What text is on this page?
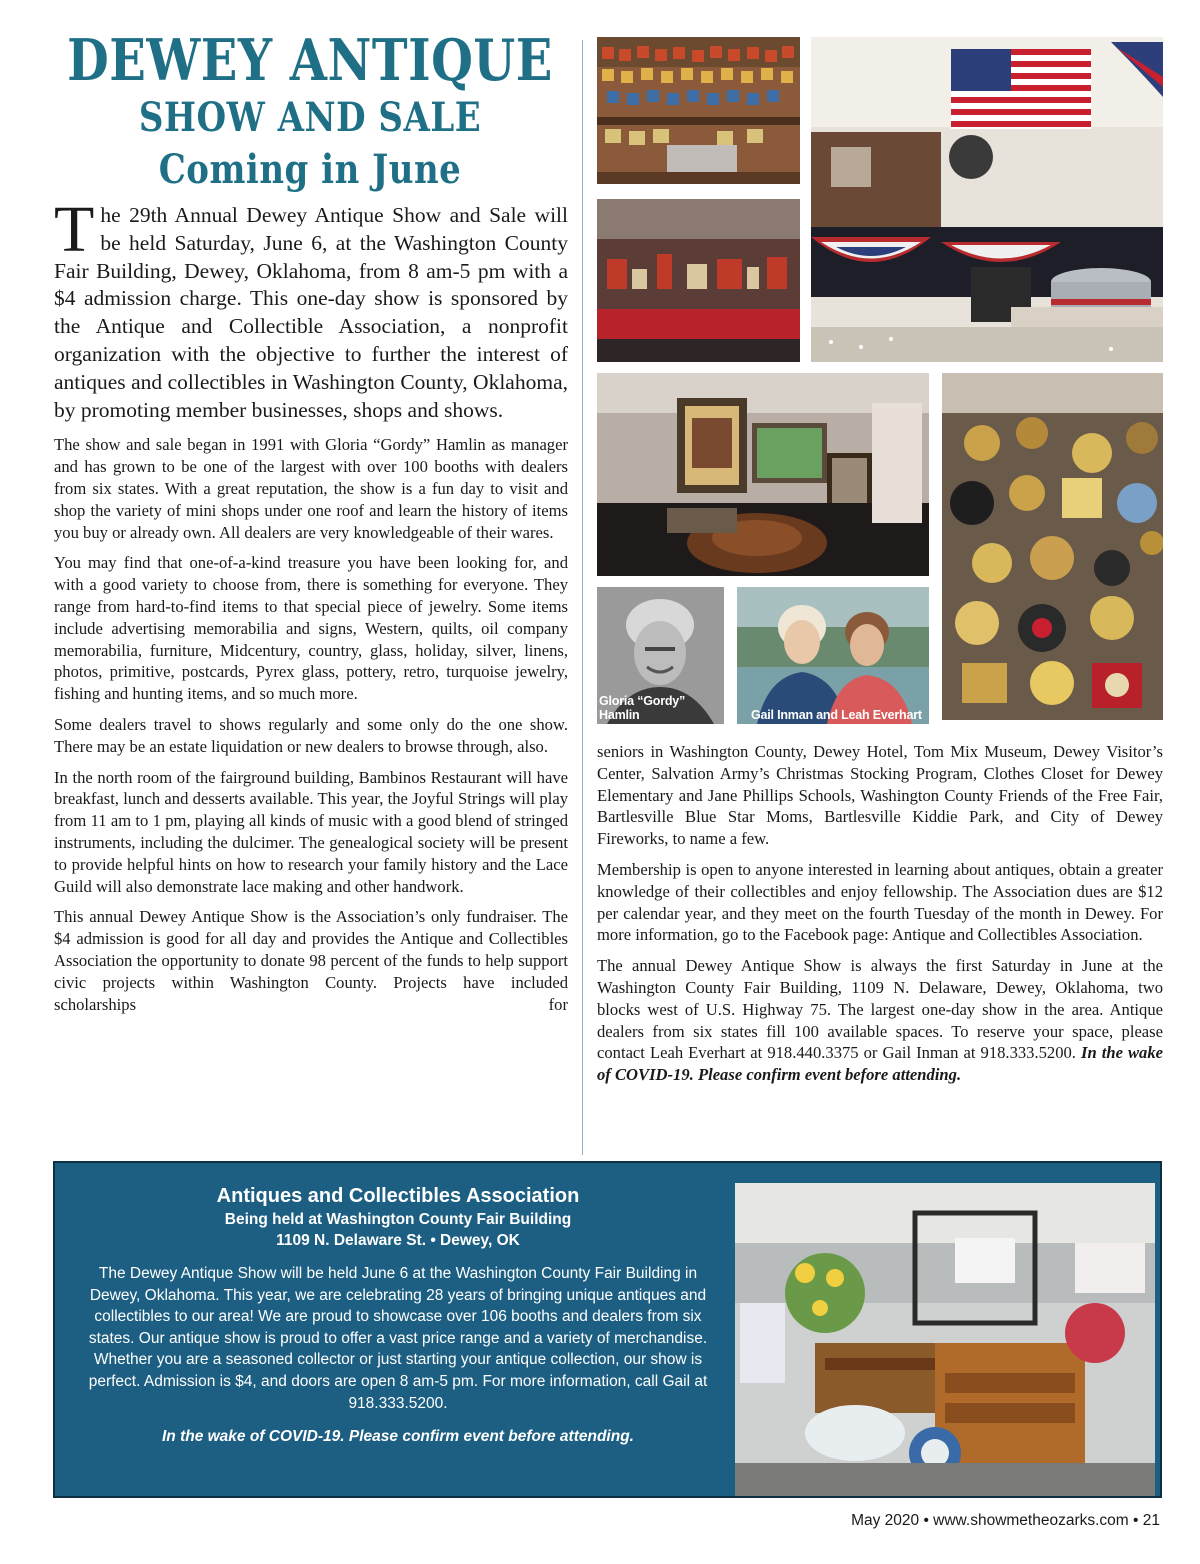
DEWEY ANTIQUE
SHOW AND SALE
Coming in June

The 29th Annual Dewey Antique Show and Sale will be held Saturday, June 6, at the Washington County Fair Building, Dewey, Oklahoma, from 8 am-5 pm with a $4 admission charge. This one-day show is sponsored by the Antique and Collectible Association, a nonprofit organization with the objective to further the interest of antiques and collectibles in Washington County, Oklahoma, by promoting member businesses, shops and shows.

The show and sale began in 1991 with Gloria “Gordy” Hamlin as manager and has grown to be one of the largest with over 100 booths with dealers from six states. With a great reputation, the show is a fun day to visit and shop the variety of mini shops under one roof and learn the history of items you buy or already own. All dealers are very knowledgeable of their wares.

You may find that one-of-a-kind treasure you have been looking for, and with a good variety to choose from, there is something for everyone. They range from hard-to-find items to that special piece of jewelry. Some items include advertising memorabilia and signs, Western, quilts, oil company memorabilia, furniture, Midcentury, country, glass, holiday, silver, linens, photos, primitive, postcards, Pyrex glass, pottery, retro, turquoise jewelry, fishing and hunting items, and so much more.

Some dealers travel to shows regularly and some only do the one show. There may be an estate liquidation or new dealers to browse through, also.

In the north room of the fairground building, Bambinos Restaurant will have breakfast, lunch and desserts available. This year, the Joyful Strings will play from 11 am to 1 pm, playing all kinds of music with a good blend of stringed instruments, including the dulcimer. The genealogical society will be present to provide helpful hints on how to research your family history and the Lace Guild will also demonstrate lace making and other handwork.

This annual Dewey Antique Show is the Association’s only fundraiser. The $4 admission is good for all day and provides the Antique and Collectibles Association the opportunity to donate 98 percent of the funds to help support civic projects within Washington County. Projects have included scholarships for

Gloria “Gordy” Hamlin	Gail Inman and Leah Everhart

seniors in Washington County, Dewey Hotel, Tom Mix Museum, Dewey Visitor’s Center, Salvation Army’s Christmas Stocking Program, Clothes Closet for Dewey Elementary and Jane Phillips Schools, Washington County Friends of the Free Fair, Bartlesville Blue Star Moms, Bartlesville Kiddie Park, and City of Dewey Fireworks, to name a few.

Membership is open to anyone interested in learning about antiques, obtain a greater knowledge of their collectibles and enjoy fellowship. The Association dues are $12 per calendar year, and they meet on the fourth Tuesday of the month in Dewey. For more information, go to the Facebook page: Antique and Collectibles Association.

The annual Dewey Antique Show is always the first Saturday in June at the Washington County Fair Building, 1109 N. Delaware, Dewey, Oklahoma, two blocks west of U.S. Highway 75. The largest one-day show in the area. Antique dealers from six states fill 100 available spaces. To reserve your space, please contact Leah Everhart at 918.440.3375 or Gail Inman at 918.333.5200. In the wake of COVID-19. Please confirm event before attending.

Antiques and Collectibles Association
Being held at Washington County Fair Building
1109 N. Delaware St. • Dewey, OK
The Dewey Antique Show will be held June 6 at the Washington County Fair Building in Dewey, Oklahoma. This year, we are celebrating 28 years of bringing unique antiques and collectibles to our area! We are proud to showcase over 106 booths and dealers from six states. Our antique show is proud to offer a vast price range and a variety of merchandise. Whether you are a seasoned collector or just starting your antique collection, our show is perfect. Admission is $4, and doors are open 8 am-5 pm. For more information, call Gail at 918.333.5200.
In the wake of COVID-19. Please confirm event before attending.
May 2020 • www.showmetheozarks.com • 21
